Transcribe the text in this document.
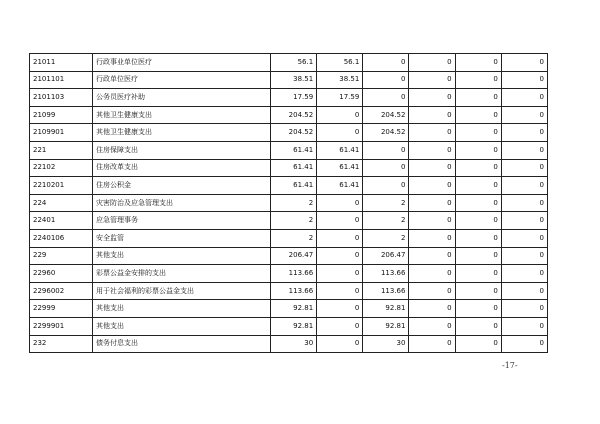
21011	行政事业单位医疗	56.1	56.1	0	0	0	0
2101101	行政单位医疗	38.51	38.51	0	0	0	0
2101103	公务员医疗补助	17.59	17.59	0	0	0	0
21099	其他卫生健康支出	204.52	0	204.52	0	0	0
2109901	其他卫生健康支出	204.52	0	204.52	0	0	0
221	住房保障支出	61.41	61.41	0	0	0	0
22102	住房改革支出	61.41	61.41	0	0	0	0
2210201	住房公积金	61.41	61.41	0	0	0	0
224	灾害防治及应急管理支出	2	0	2	0	0	0
22401	应急管理事务	2	0	2	0	0	0
2240106	安全监管	2	0	2	0	0	0
229	其他支出	206.47	0	206.47	0	0	0
22960	彩票公益金安排的支出	113.66	0	113.66	0	0	0
2296002	用于社会福利的彩票公益金支出	113.66	0	113.66	0	0	0
22999	其他支出	92.81	0	92.81	0	0	0
2299901	其他支出	92.81	0	92.81	0	0	0
232	债务付息支出	30	0	30	0	0	0
-17-
